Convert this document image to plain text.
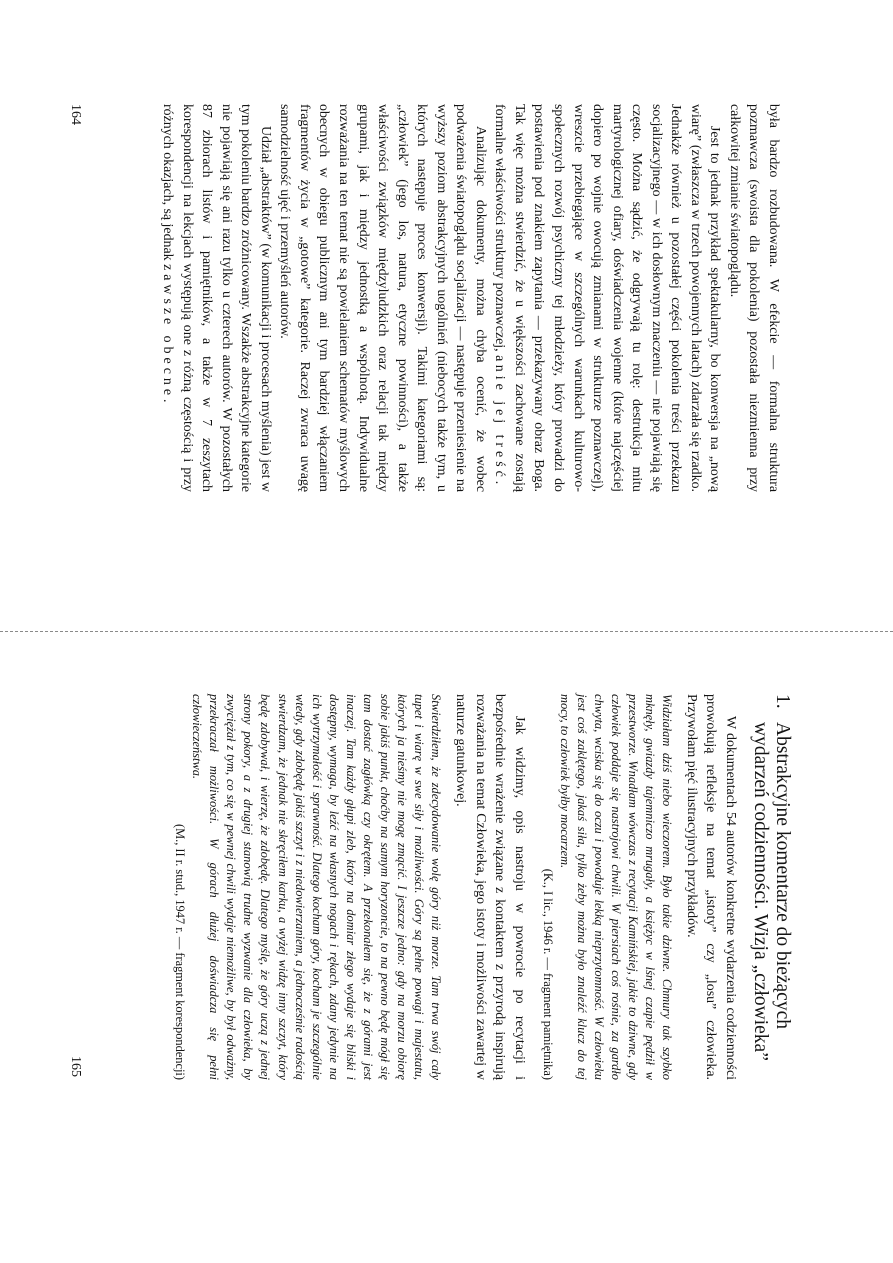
była bardzo rozbudowana. W efekcie — formalna struktura pozmawcza (swoista dla pokolenia) pozostała niezmienna przy całkowitej zmianie światopoglądu.

Jest to jednak przykład spektakularny, bo konwersja na „nową wiarę” (zwłaszcza w trzech powojennych latach) zdarzała się rzadko. Jednakże również u pozostałej części pokolenia treści przekazu socjalizacyjnego — w ich dosłownym znaczeniu — nie pojawiają się często. Można sądzić, że odgrywają tu rolę: destrukcja mitu martyrologicznej ofiary, doświadczenia wojenne (które najczęściej dopiero po wojnie owocują zmianami w strukturze poznawczej), wreszcie przebiegające w szczególnych warunkach kulturowo-społecznych rozwój psychiczny tej młodzieży, który prowadzi do postawienia pod znakiem zapytania — przekazywany obraz Boga. Tak więc można stwierdzić, że u większości zachowane zostają formalne właściwości struktury poznawczej, a nie jej treść.

Analizując dokumenty, można chyba ocenić, że wobec podważenia światopoglądu socjalizacji — następuje przeniesienie na wyższy poziom abstrakcyjnych uogólnień (niebocych także tym, u których następuje proces konwersji). Takimi kategoriami są: „człowiek” (jego los, natura, etyczne powinności), a także właściwości związków międzyludzkich oraz relacji tak między grupami, jak i między jednostką a wspólnotą. Indywidualne rozważania na ten temat nie są powielaniem schematów myślowych obecnych w obiegu publicznym ani tym bardziej włączaniem fragmentów życia w „gotowe” kategorie. Raczej zwraca uwagę samodzielność ujęć i przemyśleń autorów.

Udział „abstraktów” (w komunikacji i procesach myślenia) jest w tym pokoleniu bardzo zróżnicowany. Wszakże abstrakcyjne kategorie nie pojawiają się ani razu tylko u czterech autorów. W pozostałych 87 zbiorach listów i pamiętników, a także w 7 zeszytach korespondencji na lekcjach występują one z różną częstością i przy różnych okazjach, są jednak zawsze obecne.

164
1.Abstrakcyjne komentarze do bieżących
wydarzeń codzienności. Wizja „człowieka”

W dokumentach 54 autorów konkretne wydarzenia codzienności prowokują refleksje na temat „istoty” czy „losu” człowieka. Przywołam pięć ilustracyjnych przykładów.

Widziałam dziś niebo wieczorem. Było takie dziwne. Chmury tak szybko mknęły, gwiazdy tajemniczo mrugały, a księżyc w lśnej czapie pędził w przestworze. Wnadłam wówczas z recytacji Kamińskiej, jakie to dziwne, gdy człowiek poddaje się nastrojowi chwili. W piersiach coś rośnie, za gardło chwyta, wciska się do oczu i powoduje lekką nieprzytomność. W człowieku jest coś zaklętego, jakaś siła, tylko żeby można było znaleźć klucz do tej mocy, to człowiek byłby mocarzem.

(K., I lic., 1946 r. — fragment pamiętnika)

Jak widzimy, opis nastroju w powrocie po recytacji i bezpośrednie wrażenie związane z kontaktem z przyrodą inspirują rozważania na temat Człowieka, jego istoty i możliwości zawartej w naturze gatunkowej.

Stwierdziłem, że zdecydowanie wolę góry niż morze. Tam trwa swój cały tupet i wiarę w swe siły i możliwości. Góry są pełne powagi i majestatu, których ja nieśmy nie mogę zmącić. I jeszcze jedno: gdy na morzu obiorę sobie jakiś punkt, choćby na samym horyzoncie, to na pewno będę mógł się tam dostać zagłówką czy okrętem. A przekonałem się, że z górami jest inaczej. Tam każdy głupi zleb, który na domiar złego wydaje się bliski i dostępny, wymaga, by leźć na własnych nogach i rękach, zdany jedynie na ich wytrzymałość i sprawność. Dlatego kocham góry, kocham je szczególnie wtedy, gdy zdobędę jakiś szczyt i z niedowierzaniem, a jednocześnie radością stwierdzam, że jednak nie skręciłem karku, a wyżej widzę inny szczyt, który będę zdobywał, i wierzę, że zdobędę. Dlatego myślę, że góry uczą z jednej strony pokory, a z drugiej stanowią trudne wyzwanie dla człowieka, by zwyciężał z tym, co się w pewnej chwili wydaje niemożliwe, by był odważny, przekraczał możliwości. W górach dłużej doświadcza się pełni człowieczeństwa.

(M., II r. stud., 1947 r. — fragment korespondencji)

165
